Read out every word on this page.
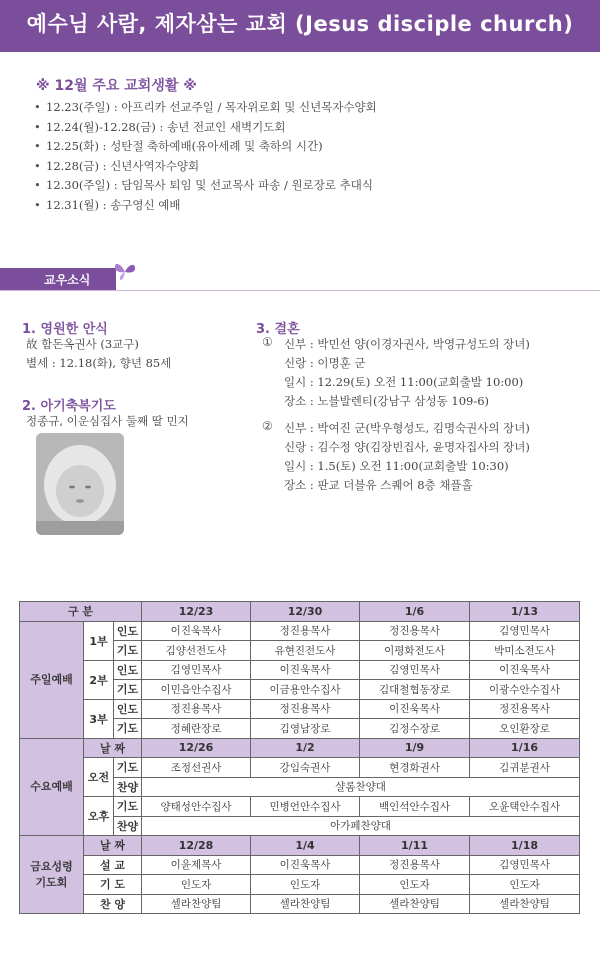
예수님 사람, 제자삼는 교회 (Jesus disciple church)
※ 12월 주요 교회생활 ※
• 12.23(주일) : 아프리카 선교주일 / 목자위로회 및 신년목자수양회
• 12.24(월)-12.28(금) : 송년 전교인 새벽기도회
• 12.25(화) : 성탄절 축하예배(유아세례 및 축하의 시간)
• 12.28(금) : 신년사역자수양회
• 12.30(주일) : 담임목사 퇴임 및 선교목사 파송 / 원로장로 추대식
• 12.31(월) : 송구영신 예배
교우소식
1. 영원한 안식
故 함돈옥권사 (3교구)
별세 : 12.18(화), 향년 85세
2. 아기축복기도
정종규, 이운심집사 둘째 딸 민지
3. 결혼
① 신부 : 박민선 양(이경자권사, 박영규성도의 장녀)
신랑 : 이명훈 군
일시 : 12.29(토) 오전 11:00(교회출발 10:00)
장소 : 노블발렌티(강남구 삼성동 109-6)
② 신부 : 박여진 군(박우형성도, 김명숙권사의 장녀)
신랑 : 김수정 양(김장빈집사, 윤명자집사의 장녀)
일시 : 1.5(토) 오전 11:00(교회출발 10:30)
장소 : 판교 더블유 스퀘어 8층 채플홀
구 분			12/23	12/30	1/6	1/13
주일예배	1부	인도	이진욱목사	정진용목사	정진용목사	김영민목사
		기도	김양선전도사	유현진전도사	이평화전도사	박미소전도사
	2부	인도	김영민목사	이진욱목사	김영민목사	이진욱목사
		기도	이민읍안수집사	이금용안수집사	김대철협동장로	이광수안수집사
	3부	인도	정진용목사	정진용목사	이진욱목사	정진용목사
		기도	정혜란장로	김영남장로	김정수장로	오인환장로
수요예배	날 짜		12/26	1/2	1/9	1/16
	오전	기도	조정선권사	강임숙권사	현경화권사	김귀분권사
		찬양	샬롬찬양대			
	오후	기도	양태성안수집사	민병언안수집사	백인석안수집사	오윤택안수집사
		찬양	아가페찬양대			
금요성령
기도회	날 짜		12/28	1/4	1/11	1/18
	설 교		이윤제목사	이진욱목사	정진용목사	김영민목사
	기 도		인도자	인도자	인도자	인도자
	찬 양		셀라찬양팀	셀라찬양팀	셀라찬양팀	셀라찬양팀
